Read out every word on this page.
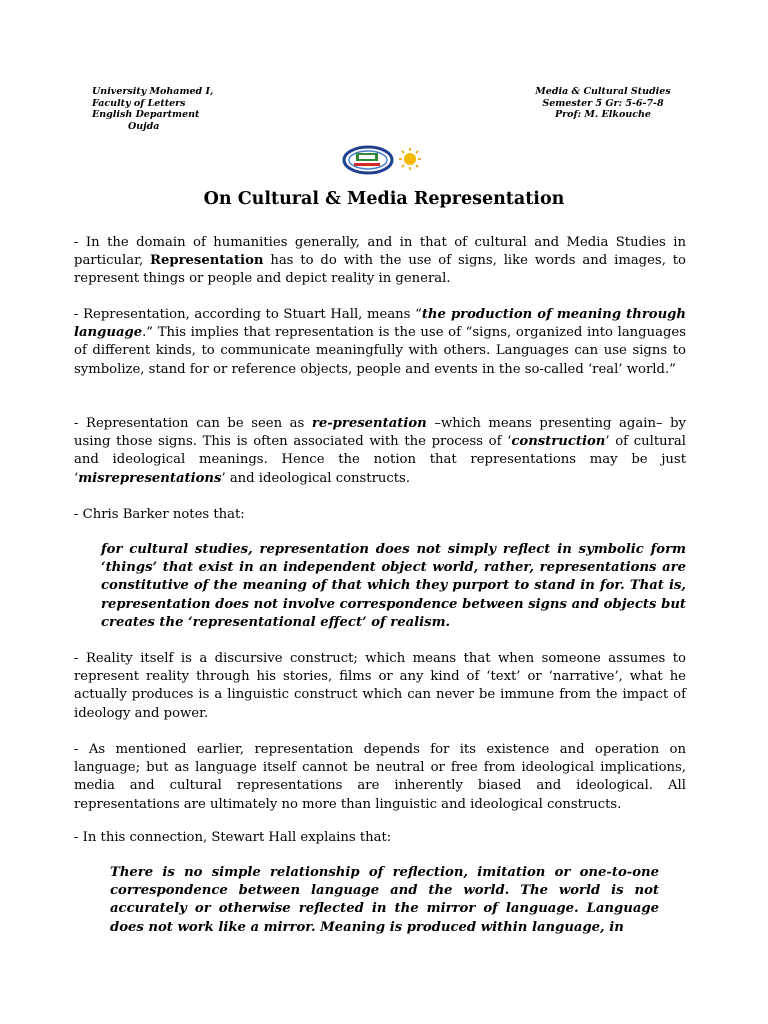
University Mohamed I,
Faculty of Letters
English Department
Oujda
Media & Cultural Studies
Semester 5 Gr: 5-6-7-8
Prof: M. Elkouche
On Cultural & Media Representation
- In the domain of humanities generally, and in that of cultural and Media Studies in particular, Representation has to do with the use of signs, like words and images, to represent things or people and depict reality in general.
- Representation, according to Stuart Hall, means “the production of meaning through language.” This implies that representation is the use of “signs, organized into languages of different kinds, to communicate meaningfully with others. Languages can use signs to symbolize, stand for or reference objects, people and events in the so-called ‘real’ world.”
- Representation can be seen as re-presentation –which means presenting again– by using those signs. This is often associated with the process of ‘construction’ of cultural and ideological meanings. Hence the notion that representations may be just ‘misrepresentations’ and ideological constructs.
- Chris Barker notes that:
for cultural studies, representation does not simply reflect in symbolic form ‘things’ that exist in an independent object world, rather, representations are constitutive of the meaning of that which they purport to stand in for. That is, representation does not involve correspondence between signs and objects but creates the ‘representational effect’ of realism.
- Reality itself is a discursive construct; which means that when someone assumes to represent reality through his stories, films or any kind of ‘text’ or ‘narrative’, what he actually produces is a linguistic construct which can never be immune from the impact of ideology and power.
- As mentioned earlier, representation depends for its existence and operation on language; but as language itself cannot be neutral or free from ideological implications, media and cultural representations are inherently biased and ideological. All representations are ultimately no more than linguistic and ideological constructs.
- In this connection, Stewart Hall explains that:
There is no simple relationship of reflection, imitation or one-to-one correspondence between language and the world. The world is not accurately or otherwise reflected in the mirror of language. Language does not work like a mirror. Meaning is produced within language, in
